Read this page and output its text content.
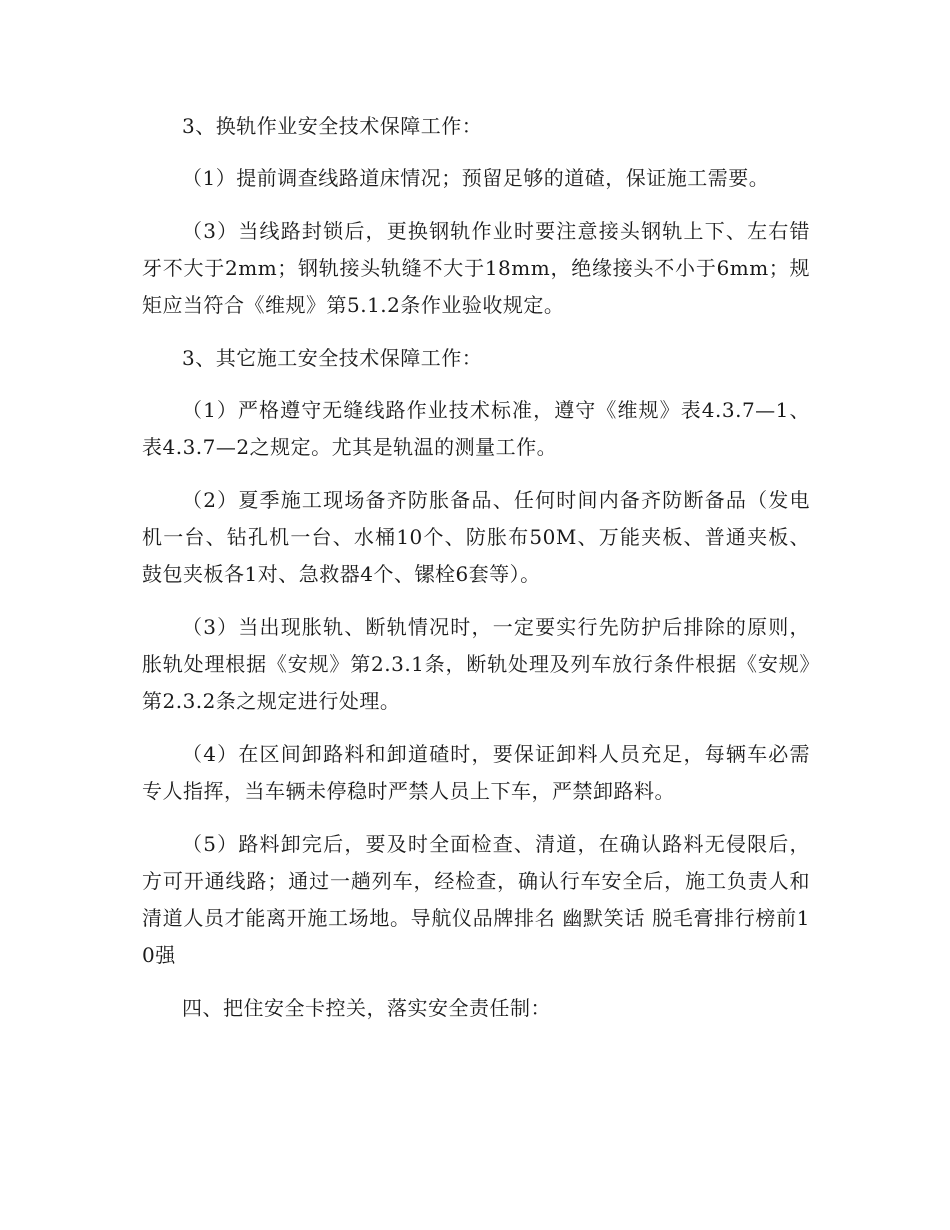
3、换轨作业安全技术保障工作：

（1）提前调查线路道床情况；预留足够的道碴，保证施工需要。

（3）当线路封锁后，更换钢轨作业时要注意接头钢轨上下、左右错牙不大于2mm；钢轨接头轨缝不大于18mm，绝缘接头不小于6mm；规矩应当符合《维规》第5.1.2条作业验收规定。

3、其它施工安全技术保障工作：

（1）严格遵守无缝线路作业技术标准，遵守《维规》表4.3.7—1、表4.3.7—2之规定。尤其是轨温的测量工作。

（2）夏季施工现场备齐防胀备品、任何时间内备齐防断备品（发电机一台、钻孔机一台、水桶10个、防胀布50M、万能夹板、普通夹板、鼓包夹板各1对、急救器4个、镙栓6套等）。

（3）当出现胀轨、断轨情况时，一定要实行先防护后排除的原则，胀轨处理根据《安规》第2.3.1条，断轨处理及列车放行条件根据《安规》第2.3.2条之规定进行处理。

（4）在区间卸路料和卸道碴时，要保证卸料人员充足，每辆车必需专人指挥，当车辆未停稳时严禁人员上下车，严禁卸路料。

（5）路料卸完后，要及时全面检查、清道，在确认路料无侵限后，方可开通线路；通过一趟列车，经检查，确认行车安全后，施工负责人和清道人员才能离开施工场地。导航仪品牌排名 幽默笑话 脱毛膏排行榜前10强

四、把住安全卡控关，落实安全责任制：
